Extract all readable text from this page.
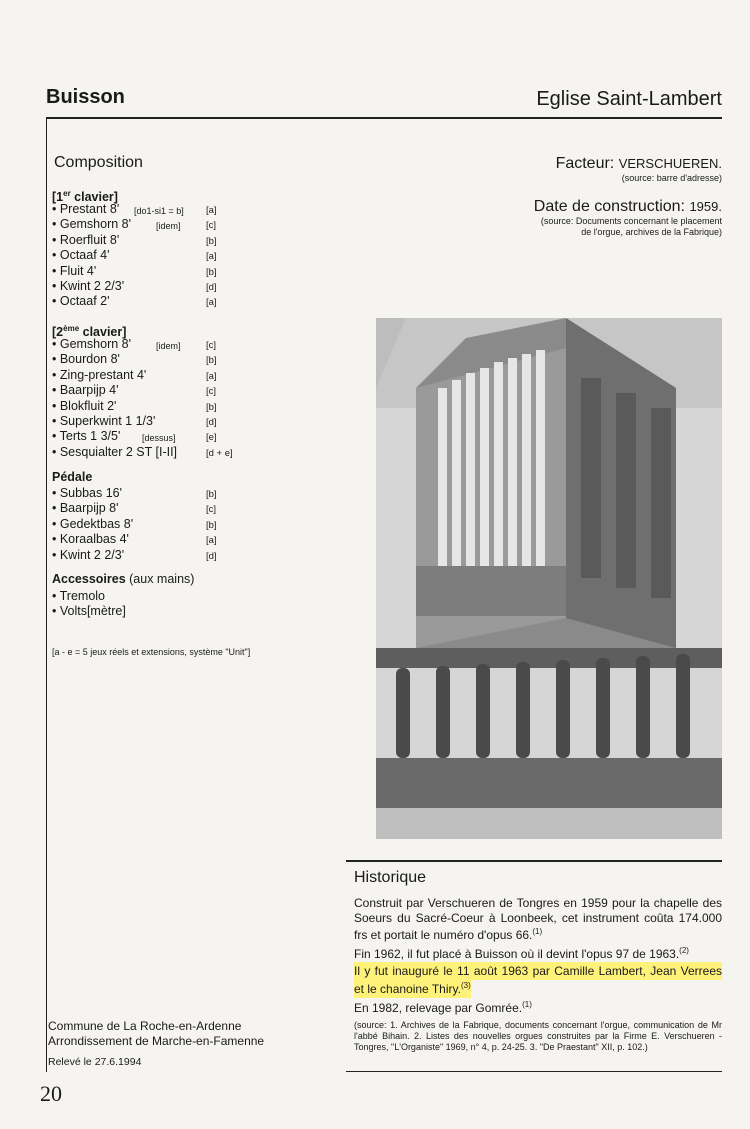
Buisson	Eglise Saint-Lambert
Composition
[1er clavier]
• Prestant 8' [do1-si1 = b] [a]
• Gemshorn 8'	[idem]	[c]
• Roerfluit 8'	[b]
• Octaaf 4'	[a]
• Fluit 4'	[b]
• Kwint 2 2/3'	[d]
• Octaaf 2'	[a]
[2ème clavier]
• Gemshorn 8'	[idem]	[c]
• Bourdon 8'	[b]
• Zing-prestant 4'	[a]
• Baarpijp 4'	[c]
• Blokfluit 2'	[b]
• Superkwint 1 1/3'	[d]
• Terts 1 3/5' [dessus]	[e]
• Sesquialter 2 ST [I-II]	[d + e]
Pédale
• Subbas 16'	[b]
• Baarpijp 8'	[c]
• Gedektbas 8'	[b]
• Koraalbas 4'	[a]
• Kwint 2 2/3'	[d]
Accessoires (aux mains)
• Tremolo
• Volts[mètre]
[a - e = 5 jeux réels et extensions, système "Unit"]
Facteur: VERSCHUEREN.
(source: barre d'adresse)
Date de construction: 1959.
(source: Documents concernant le placement
de l'orgue, archives de la Fabrique)
Historique
Construit par Verschueren de Tongres en 1959 pour la chapelle des Soeurs du Sacré-Coeur à Loonbeek, cet instrument coûta 174.000 frs et portait le numéro d'opus 66.$^{(1)}$
Fin 1962, il fut placé à Buisson où il devint l'opus 97 de 1963.$^{(2)}$
Il y fut inauguré le 11 août 1963 par Camille Lambert, Jean Verrees et le chanoine Thiry.$^{(3)}$
En 1982, relevage par Gomrée.$^{(1)}$
(source: 1. Archives de la Fabrique, documents concernant l'orgue, communication de Mr l'abbé Bihain. 2. Listes des nouvelles orgues construites par la Firme E. Verschueren - Tongres, "L'Organiste" 1969, n° 4, p. 24-25. 3. "De Praestant" XII, p. 102.)
Commune de La Roche-en-Ardenne
Arrondissement de Marche-en-Famenne
Relevé le 27.6.1994
20
